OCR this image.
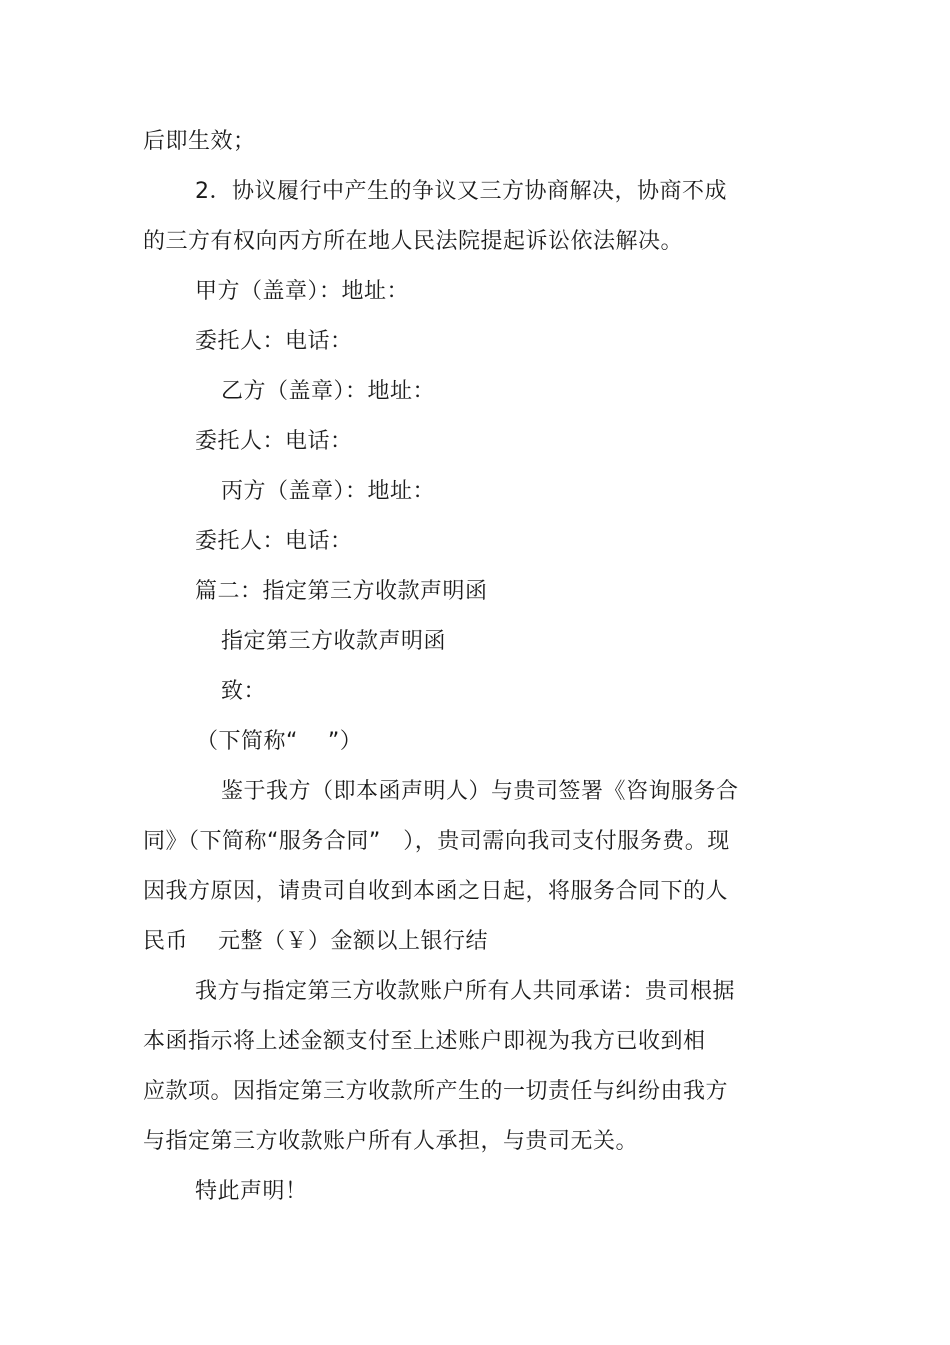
后即生效；
2．协议履行中产生的争议又三方协商解决，协商不成
的三方有权向丙方所在地人民法院提起诉讼依法解决。
甲方（盖章）：地址：
委托人：电话：
乙方（盖章）：地址：
委托人：电话：
丙方（盖章）：地址：
委托人：电话：
篇二：指定第三方收款声明函
指定第三方收款声明函
致：
（下简称“　 ”）
鉴于我方（即本函声明人）与贵司签署《咨询服务合
同》（下简称“服务合同”　），贵司需向我司支付服务费。现
因我方原因，请贵司自收到本函之日起，将服务合同下的人
民币　 元整（￥）金额以上银行结
我方与指定第三方收款账户所有人共同承诺：贵司根据
本函指示将上述金额支付至上述账户即视为我方已收到相
应款项。因指定第三方收款所产生的一切责任与纠纷由我方
与指定第三方收款账户所有人承担，与贵司无关。
特此声明！
